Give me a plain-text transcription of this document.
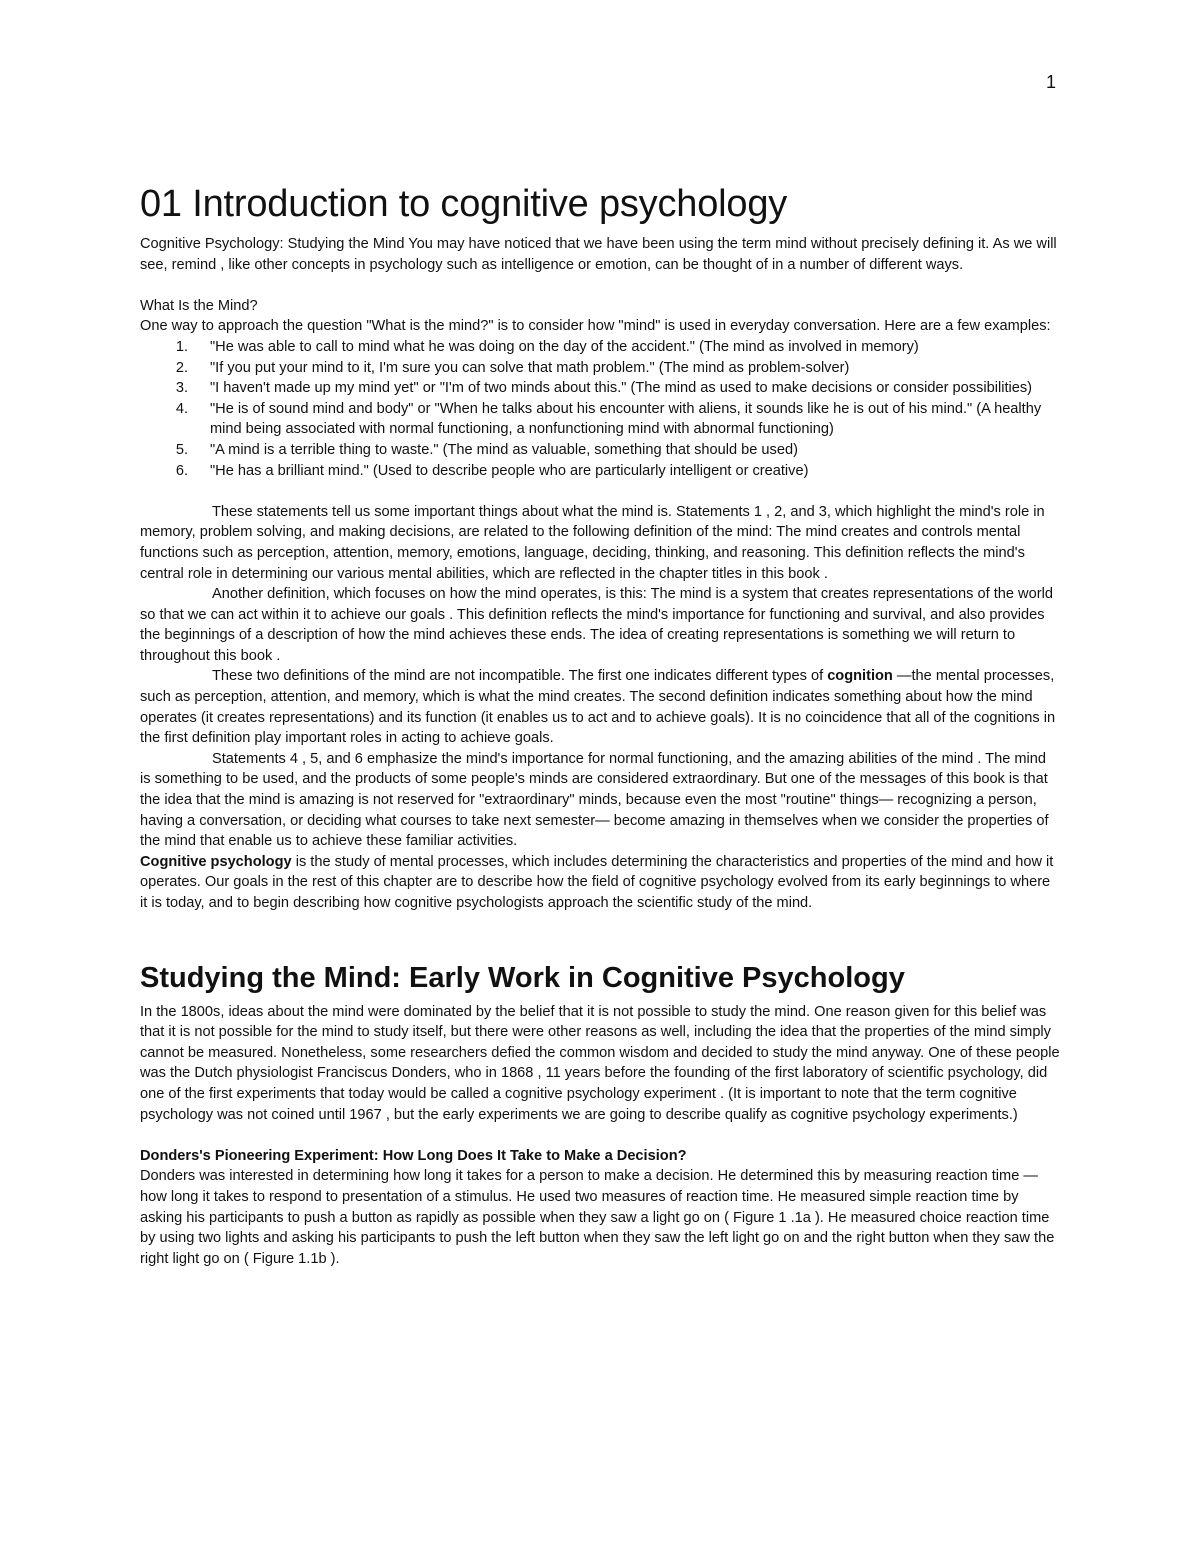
1
01 Introduction to cognitive psychology

Cognitive Psychology: Studying the Mind You may have noticed that we have been using the term mind without precisely defining it. As we will see, remind , like other concepts in psychology such as intelligence or emotion, can be thought of in a number of different ways.

What Is the Mind?

One way to approach the question "What is the mind?" is to consider how "mind" is used in everyday conversation. Here are a few examples:

1.	"He was able to call to mind what he was doing on the day of the accident." (The mind as involved in memory)
2.	"If you put your mind to it, I'm sure you can solve that math problem." (The mind as problem-solver)
3.	"I haven't made up my mind yet" or "I'm of two minds about this." (The mind as used to make decisions or consider possibilities)
4.	"He is of sound mind and body" or "When he talks about his encounter with aliens, it sounds like he is out of his mind." (A healthy mind being associated with normal functioning, a nonfunctioning mind with abnormal functioning)
5.	"A mind is a terrible thing to waste." (The mind as valuable, something that should be used)
6.	"He has a brilliant mind." (Used to describe people who are particularly intelligent or creative)

These statements tell us some important things about what the mind is. Statements 1 , 2, and 3, which highlight the mind's role in memory, problem solving, and making decisions, are related to the following definition of the mind: The mind creates and controls mental functions such as perception, attention, memory, emotions, language, deciding, thinking, and reasoning. This definition reflects the mind's central role in determining our various mental abilities, which are reflected in the chapter titles in this book .

Another definition, which focuses on how the mind operates, is this: The mind is a system that creates representations of the world so that we can act within it to achieve our goals . This definition reflects the mind's importance for functioning and survival, and also provides the beginnings of a description of how the mind achieves these ends. The idea of creating representations is something we will return to throughout this book .

These two definitions of the mind are not incompatible. The first one indicates different types of cognition —the mental processes, such as perception, attention, and memory, which is what the mind creates. The second definition indicates something about how the mind operates (it creates representations) and its function (it enables us to act and to achieve goals). It is no coincidence that all of the cognitions in the first definition play important roles in acting to achieve goals.

Statements 4 , 5, and 6 emphasize the mind's importance for normal functioning, and the amazing abilities of the mind . The mind is something to be used, and the products of some people's minds are considered extraordinary. But one of the messages of this book is that the idea that the mind is amazing is not reserved for "extraordinary" minds, because even the most "routine" things— recognizing a person, having a conversation, or deciding what courses to take next semester— become amazing in themselves when we consider the properties of the mind that enable us to achieve these familiar activities.

Cognitive psychology is the study of mental processes, which includes determining the characteristics and properties of the mind and how it operates. Our goals in the rest of this chapter are to describe how the field of cognitive psychology evolved from its early beginnings to where it is today, and to begin describing how cognitive psychologists approach the scientific study of the mind.

Studying the Mind: Early Work in Cognitive Psychology

In the 1800s, ideas about the mind were dominated by the belief that it is not possible to study the mind. One reason given for this belief was that it is not possible for the mind to study itself, but there were other reasons as well, including the idea that the properties of the mind simply cannot be measured. Nonetheless, some researchers defied the common wisdom and decided to study the mind anyway. One of these people was the Dutch physiologist Franciscus Donders, who in 1868 , 11 years before the founding of the first laboratory of scientific psychology, did one of the first experiments that today would be called a cognitive psychology experiment . (It is important to note that the term cognitive psychology was not coined until 1967 , but the early experiments we are going to describe qualify as cognitive psychology experiments.)

Donders's Pioneering Experiment: How Long Does It Take to Make a Decision?

Donders was interested in determining how long it takes for a person to make a decision. He determined this by measuring reaction time —how long it takes to respond to presentation of a stimulus. He used two measures of reaction time. He measured simple reaction time by asking his participants to push a button as rapidly as possible when they saw a light go on ( Figure 1 .1a ). He measured choice reaction time by using two lights and asking his participants to push the left button when they saw the left light go on and the right button when they saw the right light go on ( Figure 1.1b ).
